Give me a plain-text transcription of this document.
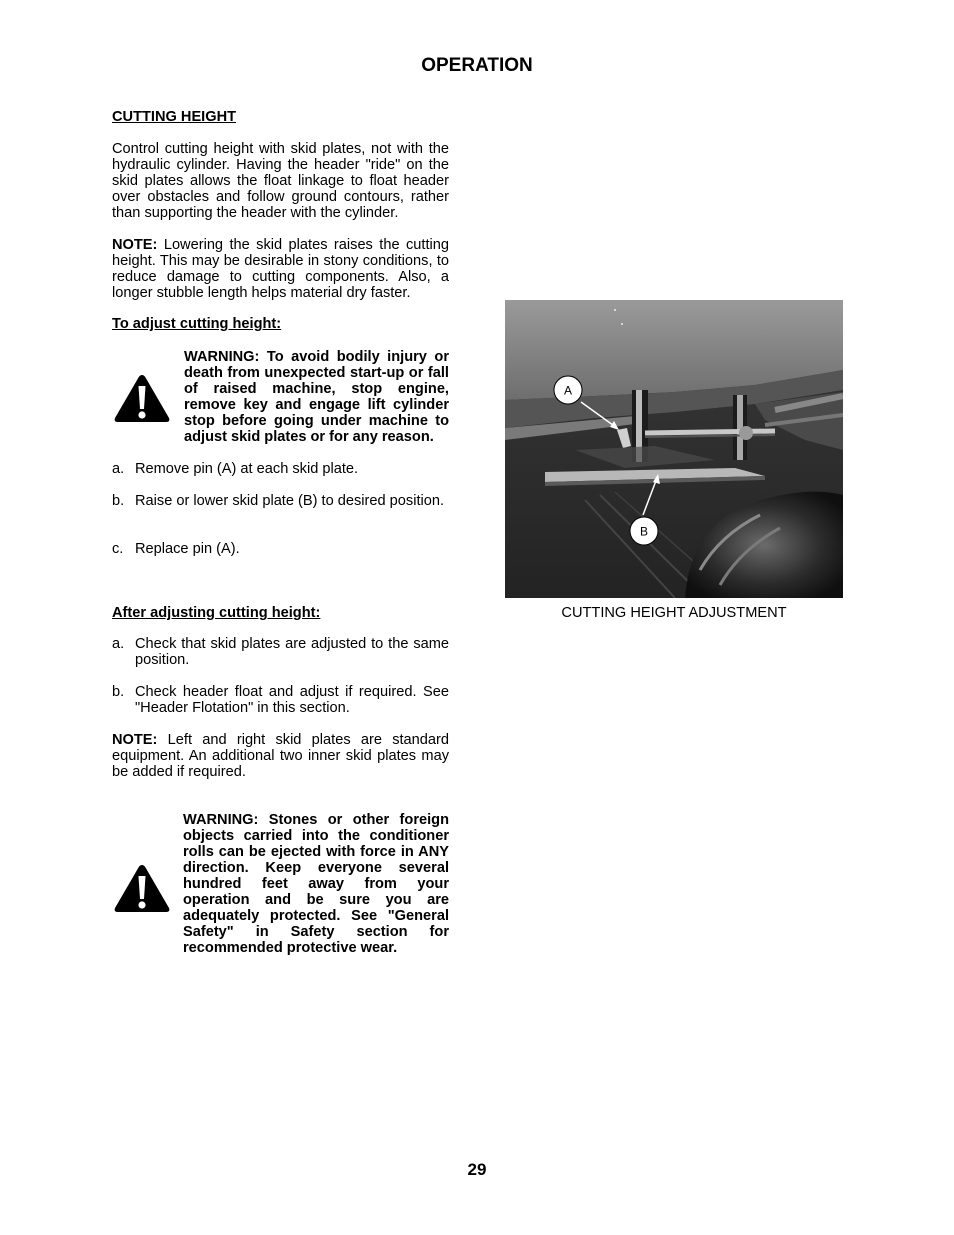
OPERATION
CUTTING HEIGHT
Control cutting height with skid plates, not with the hydraulic cylinder. Having the header "ride" on the skid plates allows the float linkage to float header over obstacles and follow ground contours, rather than supporting the header with the cylinder.
NOTE: Lowering the skid plates raises the cutting height. This may be desirable in stony conditions, to reduce damage to cutting components. Also, a longer stubble length helps material dry faster.
To adjust cutting height:
WARNING: To avoid bodily injury or death from unexpected start-up or fall of raised machine, stop engine, remove key and engage lift cylinder stop before going under machine to adjust skid plates or for any reason.
a. Remove pin (A) at each skid plate.
b. Raise or lower skid plate (B) to desired position.
c. Replace pin (A).
After adjusting cutting height:
a. Check that skid plates are adjusted to the same position.
b. Check header float and adjust if required. See "Header Flotation" in this section.
NOTE: Left and right skid plates are standard equipment. An additional two inner skid plates may be added if required.
WARNING: Stones or other foreign objects carried into the conditioner rolls can be ejected with force in ANY direction. Keep everyone several hundred feet away from your operation and be sure you are adequately protected. See "General Safety" in Safety section for recommended protective wear.
A
B
CUTTING HEIGHT ADJUSTMENT
29
